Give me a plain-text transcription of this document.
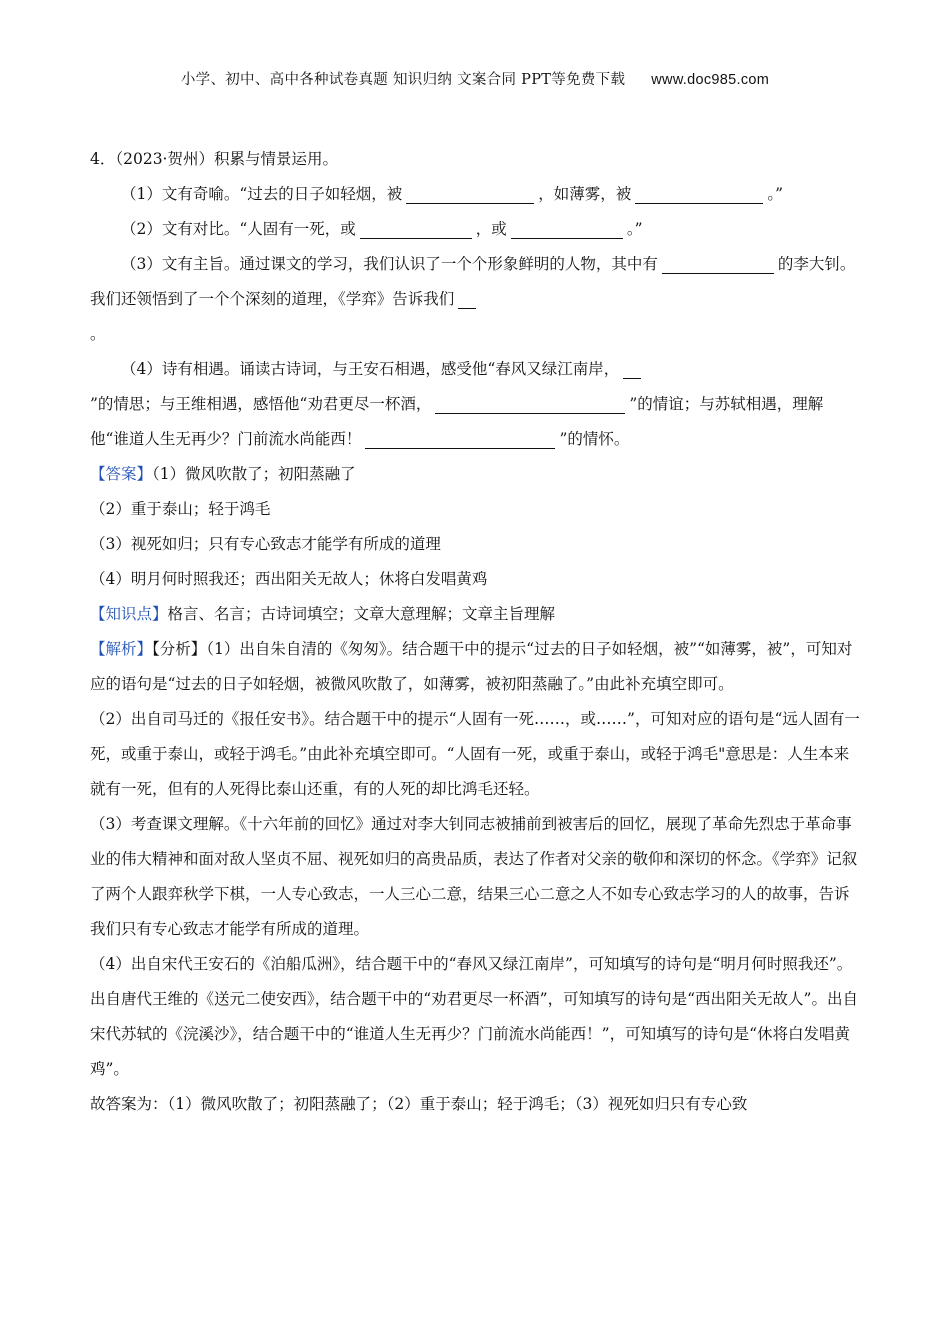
小学、初中、高中各种试卷真题 知识归纳 文案合同 PPT等免费下载 www.doc985.com

4．（2023·贺州）积累与情景运用。

（1）文有奇喻。“过去的日子如轻烟，被	，如薄雾，被	。”

（2）文有对比。“人固有一死，或	，或	。”

（3）文有主旨。通过课文的学习，我们认识了一个个形象鲜明的人物，其中有	的李大钊。我们还领悟到了一个个深刻的道理，《学弈》告诉我们
。

（4）诗有相遇。诵读古诗词，与王安石相遇，感受他“春风又绿江南岸，
”的情思；与王维相遇，感悟他“劝君更尽一杯酒，	”的情谊；与苏轼相遇，理解他“谁道人生无再少？门前流水尚能西！	”的情怀。

【答案】（1）微风吹散了；初阳蒸融了

（2）重于泰山；轻于鸿毛

（3）视死如归；只有专心致志才能学有所成的道理

（4）明月何时照我还；西出阳关无故人；休将白发唱黄鸡

【知识点】格言、名言；古诗词填空；文章大意理解；文章主旨理解

【解析】【分析】（1）出自朱自清的《匆匆》。结合题干中的提示“过去的日子如轻烟，被”“如薄雾，被”，可知对应的语句是“过去的日子如轻烟，被微风吹散了，如薄雾，被初阳蒸融了。”由此补充填空即可。

（2）出自司马迁的《报任安书》。结合题干中的提示“人固有一死……，或……”，可知对应的语句是“远人固有一死，或重于泰山，或轻于鸿毛。”由此补充填空即可。“人固有一死，或重于泰山，或轻于鸿毛"意思是：人生本来就有一死，但有的人死得比泰山还重，有的人死的却比鸿毛还轻。

（3）考查课文理解。《十六年前的回忆》通过对李大钊同志被捕前到被害后的回忆，展现了革命先烈忠于革命事业的伟大精神和面对敌人坚贞不屈、视死如归的高贵品质，表达了作者对父亲的敬仰和深切的怀念。《学弈》记叙了两个人跟弈秋学下棋，一人专心致志，一人三心二意，结果三心二意之人不如专心致志学习的人的故事，告诉我们只有专心致志才能学有所成的道理。

（4）出自宋代王安石的《泊船瓜洲》，结合题干中的“春风又绿江南岸”，可知填写的诗句是“明月何时照我还”。出自唐代王维的《送元二使安西》，结合题干中的“劝君更尽一杯酒”，可知填写的诗句是“西出阳关无故人”。出自宋代苏轼的《浣溪沙》，结合题干中的“谁道人生无再少？门前流水尚能西！”，可知填写的诗句是“休将白发唱黄鸡”。

故答案为：（1）微风吹散了；初阳蒸融了；（2）重于泰山；轻于鸿毛；（3）视死如归只有专心致
